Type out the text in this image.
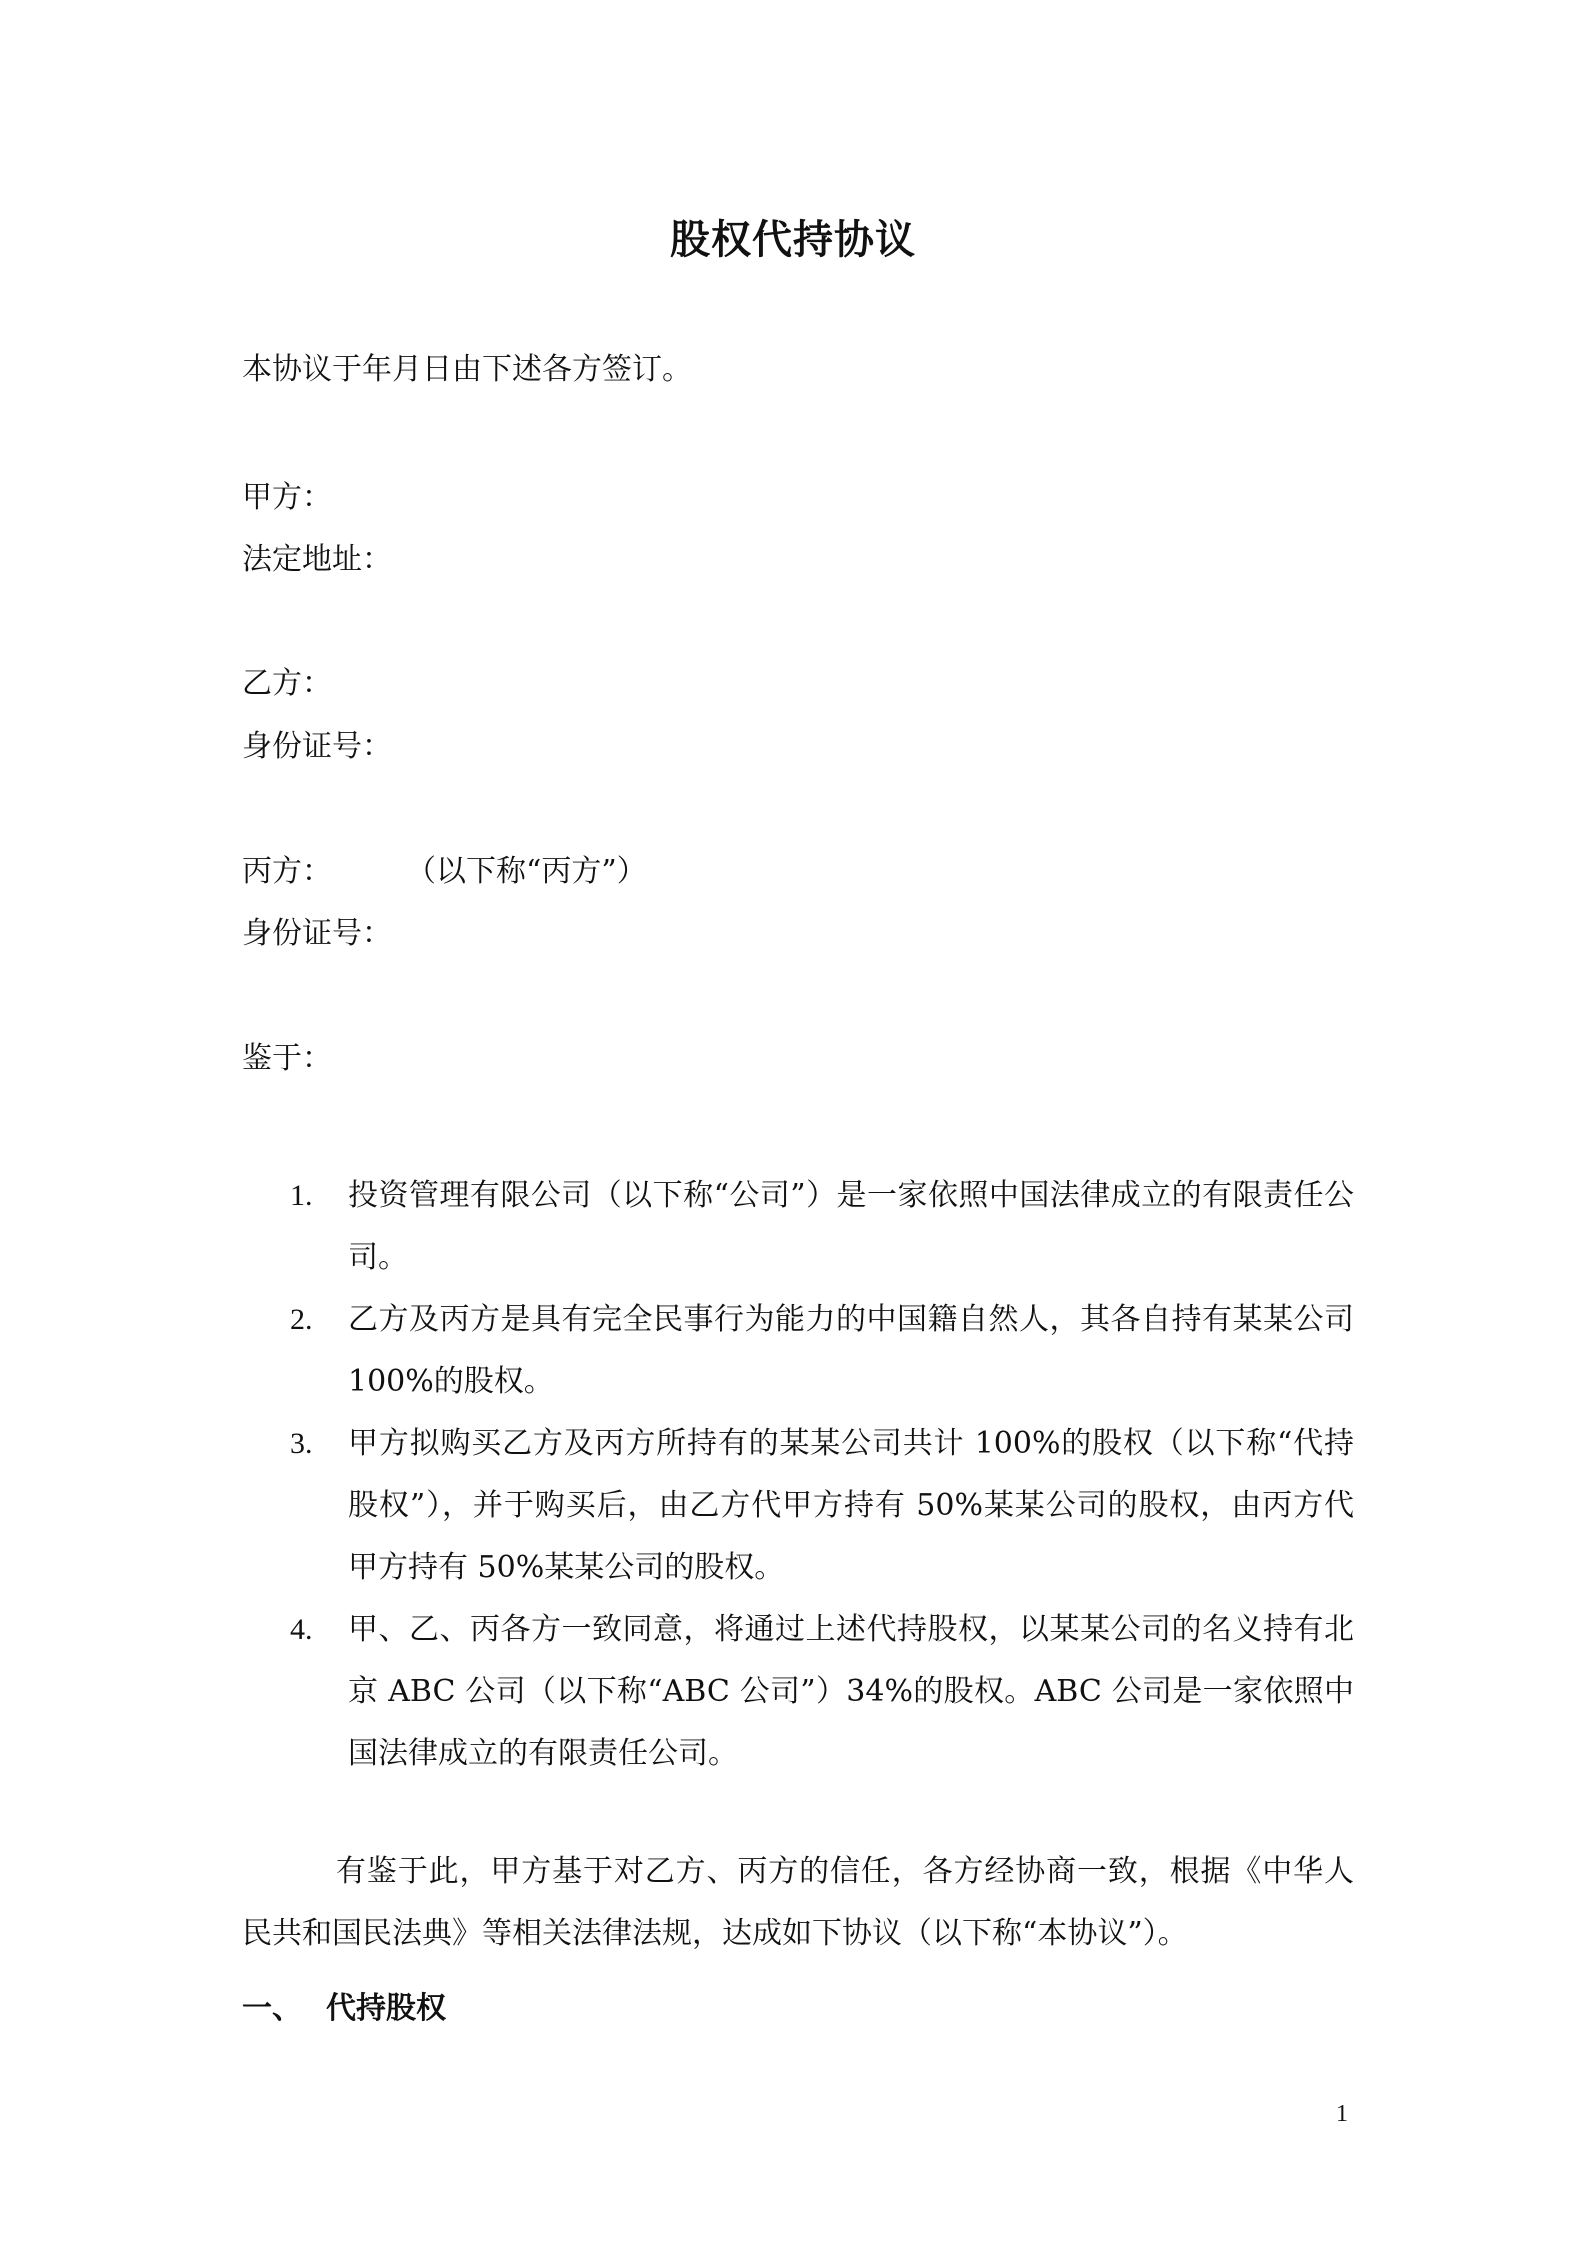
股权代持协议
本协议于年月日由下述各方签订。
甲方：
法定地址：
乙方：
身份证号：
丙方： （以下称“丙方”）
身份证号：
鉴于：
1. 投资管理有限公司（以下称“公司”）是一家依照中国法律成立的有限责任公司。
2. 乙方及丙方是具有完全民事行为能力的中国籍自然人，其各自持有某某公司 100%的股权。
3. 甲方拟购买乙方及丙方所持有的某某公司共计 100%的股权（以下称“代持股权”），并于购买后，由乙方代甲方持有 50%某某公司的股权，由丙方代甲方持有 50%某某公司的股权。
4. 甲、乙、丙各方一致同意，将通过上述代持股权，以某某公司的名义持有北京 ABC 公司（以下称“ABC 公司”）34%的股权。ABC 公司是一家依照中国法律成立的有限责任公司。
有鉴于此，甲方基于对乙方、丙方的信任，各方经协商一致，根据《中华人民共和国民法典》等相关法律法规，达成如下协议（以下称“本协议”）。
一、 代持股权
1
